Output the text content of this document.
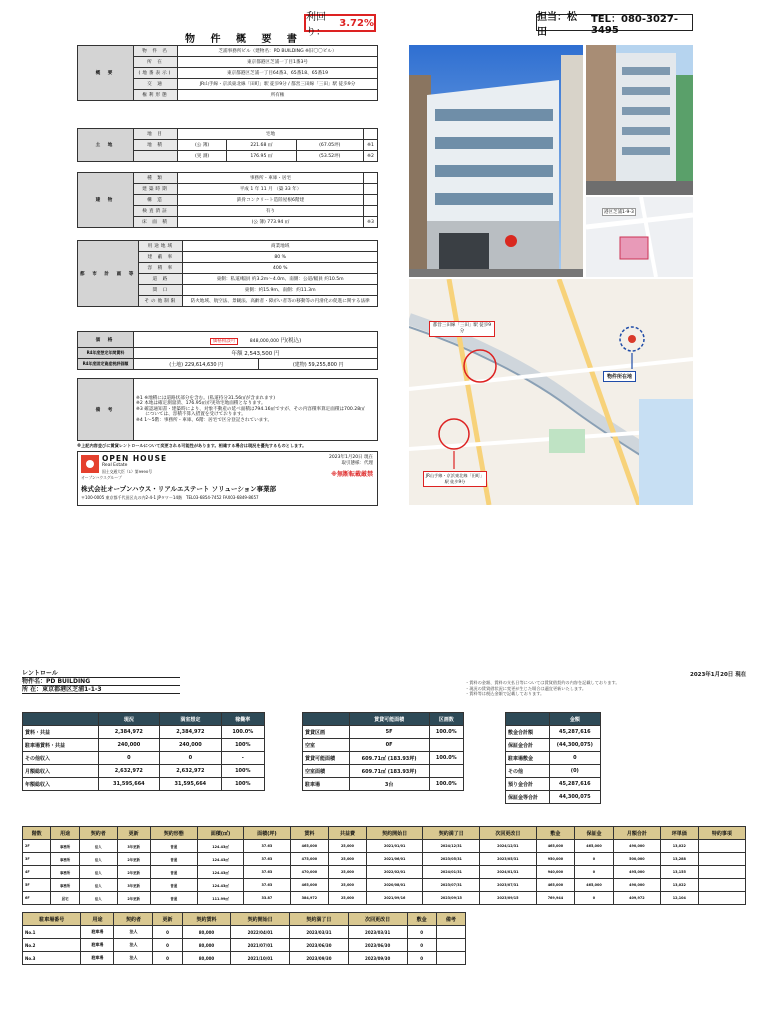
利回り：
3.72%
物 件 概 要 書
担当：松田
TEL：080-3027-3495
概 要	物 件 名	芝浦事務所ビル（建物名：PD BUILDING ※旧〇〇ビル）
	所 在	東京都港区芝浦一丁目1番3号
	(地番表示)	東京都港区芝浦一丁目64番3、65番18、65番19
	交 通	JR山手線・京浜東北線「田町」駅 徒歩9分 / 都営三田線「三田」駅 徒歩9分
	権利形態	所有権
土 地	地 目	宅地			
	地 積	(公 簿)	221.68 ㎡	(67.05坪)	※1
		(実 測)	176.95 ㎡	(53.52坪)	※2
建 物	種 類	事務所・車庫・居宅	
	建築時期	平成 1 年 11 月 （築 33 年）	
	構 造	鉄骨コンクリート造陸屋根6階建	
	検査済証	有り	
	床 面 積	(公 簿) 773.94 ㎡	※3
都 市 計 画 等	用途地域	商業地域
	建 蔽 率	80 %
	容 積 率	400 %
	道 路	東側：私道/幅員 約3.2m〜4.0m、南側：公道/幅員 約10.5m
	間 口	東側：約15.9m、南側：約11.3m
	その他制限	防火地域、航空法、景観法、高齢者・障がい者等の移動等の円滑化の促進に関する法律
価 格	価格相談可 848,000,000 円(税込)	
R4年度想定年間賃料	年額 2,543,500 円	
R4年度固定資産税評価額	(土地) 229,614,630 円	(建物) 59,255,800 円
備 考	
※1 ※地積には道路状部分を含む。(私道持分31.56㎡が含まれます)
※2 本地は確定測量済、176.95㎡が実効宅地面積となります。
※3 確認通知書・建築時により、対象不動産の延べ面積は794.16㎡ですが、その内容積率算定面積は700.28㎡
　　については、容積不算入措置を受けております。
※4 1〜5階：事務所・車庫、6階：居宅で区分登記されています。
※上記内容並びに賃貸レントロールについて変更される可能性があります。相違する場合は現況を優先するものとします。
OPEN HOUSE
Real Estate
国土交通大臣（1）第9990号
オープンハウスグループ
株式会社オープンハウス・リアルエステート ソリューション事業部
〒100-0005 東京都千代田区丸の内2-4-1 JPタワー14階　TEL03-6854-7452 FAX03-6849-8657
2023年1月20日 現在
取引態様：代理
※無断転載厳禁
港区芝浦1-9-3
都営三田線「三田」駅 徒歩9分
物件所在地
JR山手線・京浜東北線「田町」駅 徒歩9分
レントロール
物件名：PD BUILDING
所 在：東京都港区芝浦1-1-3
2023年1月20日 現在
・賃料の金額、賃料の支払日等については賃貸借契約の内容を記載しております。
・現況の賃貸借状況に変更が生じた場合は適宜更新いたします。
・賃料等は税込金額で記載しております。
	現況	満室想定	稼働率
賃料・共益	2,384,972	2,384,972	100.0%
駐車場賃料・共益	240,000	240,000	100%
その他収入	0	0	-
月額総収入	2,632,972	2,632,972	100%
年額総収入	31,595,664	31,595,664	100%
	賃貸可能面積	区画数
賃貸区画	5F	100.0%
空室	0F	
賃貸可能面積	609.71㎡ (183.93坪)	100.0%
空室面積	609.71㎡ (183.93坪)	
駐車場	3台	100.0%
	金額
敷金合計額	45,287,616
保証金合計	(44,300,075)
駐車場敷金	0
その他	(0)
預り金合計	45,287,616
保証金等合計	44,300,075
階数	用途	契約者	更新	契約形態	面積(㎡)	面積(坪)	賃料	共益費	契約開始日	契約満了日	次回更改日	敷金	保証金	月額合計	坪単価	特約事項
2F	事務所	法人	3年更新	普通	124.43㎡	37.63	465,000	25,000	2021/01/01	2024/12/31	2024/12/31	465,000	465,000	490,000	13,022	
3F	事務所	法人	2年更新	普通	124.43㎡	37.63	475,000	25,000	2021/06/01	2023/05/31	2023/05/31	950,000	0	500,000	13,288	
4F	事務所	法人	2年更新	普通	124.43㎡	37.63	470,000	25,000	2022/02/01	2024/01/31	2024/01/31	940,000	0	495,000	13,155	
5F	事務所	法人	3年更新	普通	124.43㎡	37.63	465,000	25,000	2020/08/01	2023/07/31	2023/07/31	465,000	465,000	490,000	13,022	
6F	居宅	法人	2年更新	普通	111.99㎡	33.87	384,972	25,000	2021/09/16	2023/09/15	2023/09/15	769,944	0	409,972	12,104	
駐車場番号	用途	契約者	更新	契約賃料	契約開始日	契約満了日	次回更改日	敷金	備考
No.1	駐車場	法人	0	80,000	2022/04/01	2023/03/31	2023/03/31	0	
No.2	駐車場	法人	0	80,000	2021/07/01	2023/06/30	2023/06/30	0	
No.3	駐車場	法人	0	80,000	2021/10/01	2023/09/30	2023/09/30	0	
